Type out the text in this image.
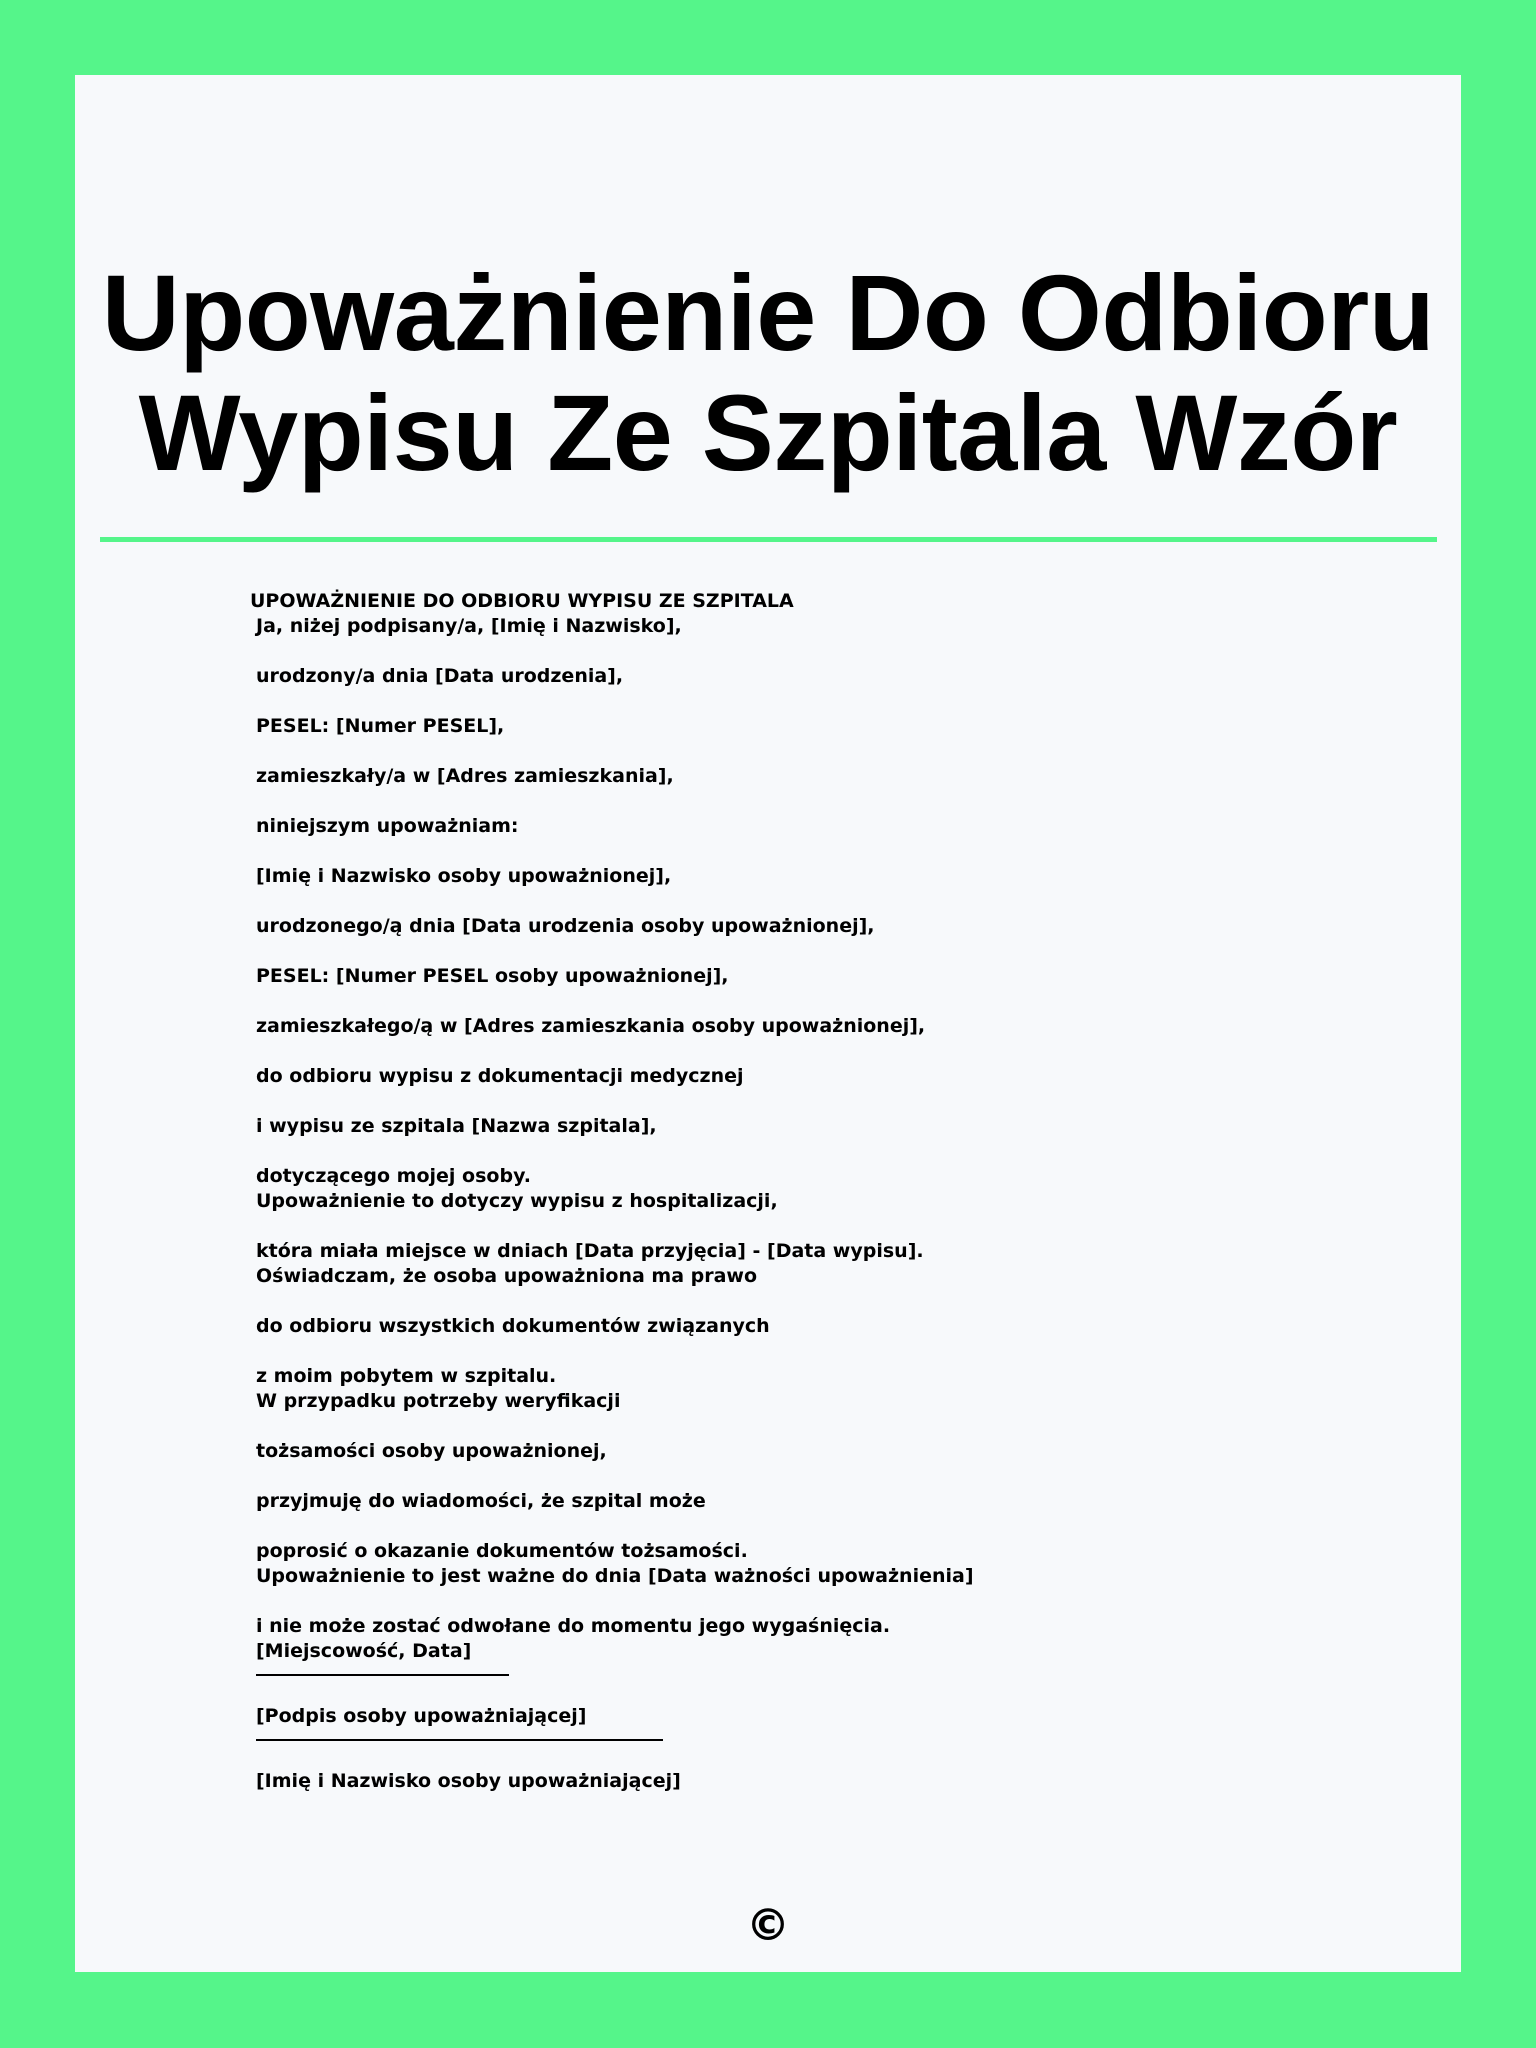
Upoważnienie Do Odbioru
Wypisu Ze Szpitala Wzór
UPOWAŻNIENIE DO ODBIORU WYPISU ZE SZPITALA
Ja, niżej podpisany/a, [Imię i Nazwisko],
urodzony/a dnia [Data urodzenia],
PESEL: [Numer PESEL],
zamieszkały/a w [Adres zamieszkania],
niniejszym upoważniam:
[Imię i Nazwisko osoby upoważnionej],
urodzonego/ą dnia [Data urodzenia osoby upoważnionej],
PESEL: [Numer PESEL osoby upoważnionej],
zamieszkałego/ą w [Adres zamieszkania osoby upoważnionej],
do odbioru wypisu z dokumentacji medycznej
i wypisu ze szpitala [Nazwa szpitala],
dotyczącego mojej osoby.
Upoważnienie to dotyczy wypisu z hospitalizacji,
która miała miejsce w dniach [Data przyjęcia] - [Data wypisu].
Oświadczam, że osoba upoważniona ma prawo
do odbioru wszystkich dokumentów związanych
z moim pobytem w szpitalu.
W przypadku potrzeby weryfikacji
tożsamości osoby upoważnionej,
przyjmuję do wiadomości, że szpital może
poprosić o okazanie dokumentów tożsamości.
Upoważnienie to jest ważne do dnia [Data ważności upoważnienia]
i nie może zostać odwołane do momentu jego wygaśnięcia.
[Miejscowość, Data]
[Podpis osoby upoważniającej]
[Imię i Nazwisko osoby upoważniającej]
©
